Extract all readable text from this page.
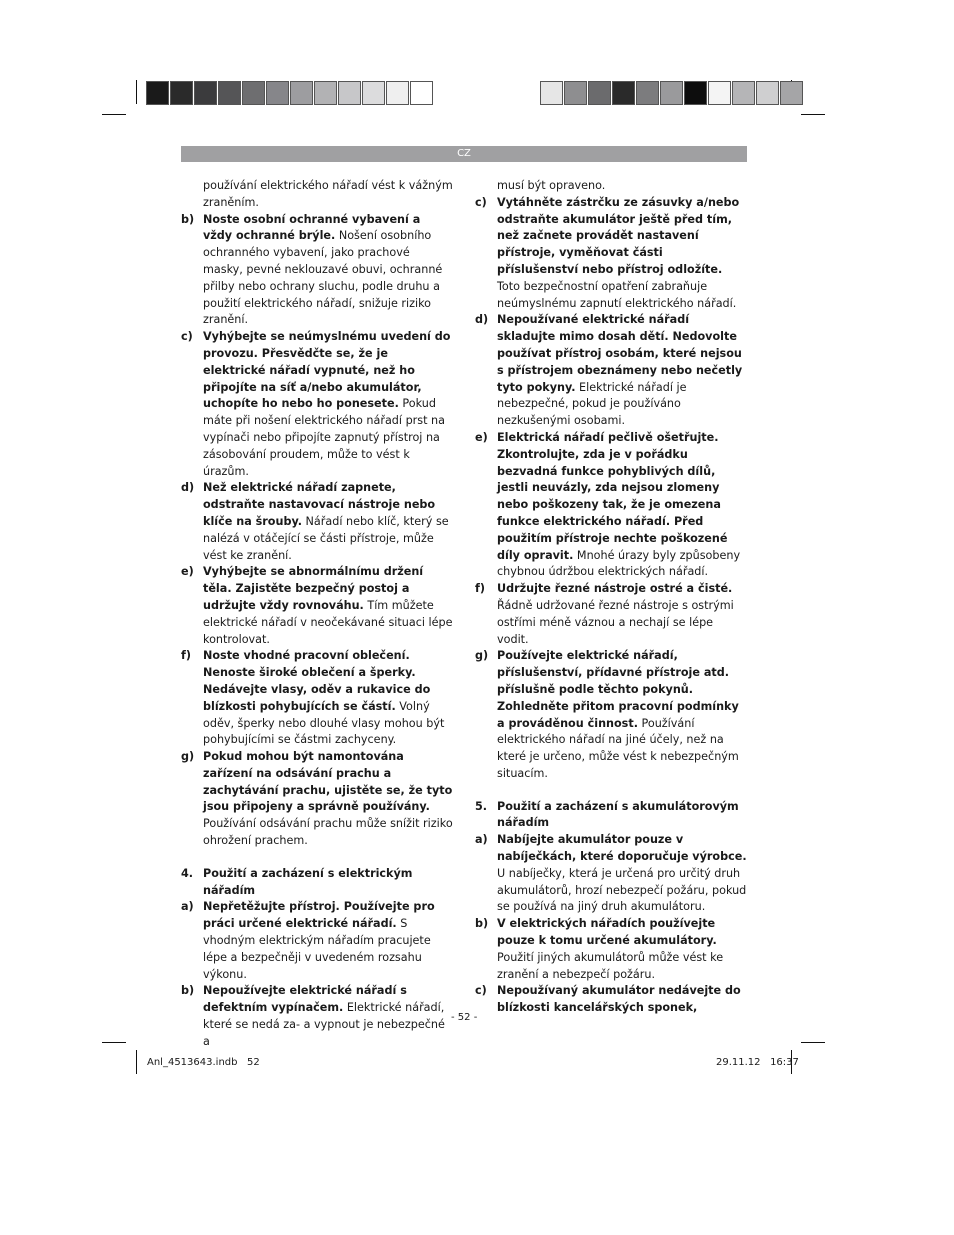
CZ
používání elektrického nářadí vést k vážným zraněním.
b) Noste osobní ochranné vybavení a vždy ochranné brýle. Nošení osobního ochranného vybavení, jako prachové masky, pevné neklouzavé obuvi, ochranné přilby nebo ochrany sluchu, podle druhu a použití elektrického nářadí, snižuje riziko zranění.
c) Vyhýbejte se neúmyslnému uvedení do provozu. Přesvědčte se, že je elektrické nářadí vypnuté, než ho připojíte na síť a/nebo akumulátor, uchopíte ho nebo ho ponesete. Pokud máte při nošení elektrického nářadí prst na vypínači nebo připojíte zapnutý přístroj na zásobování proudem, může to vést k úrazům.
d) Než elektrické nářadí zapnete, odstraňte nastavovací nástroje nebo klíče na šrouby. Nářadí nebo klíč, který se nalézá v otáčející se části přístroje, může vést ke zranění.
e) Vyhýbejte se abnormálnímu držení těla. Zajistěte bezpečný postoj a udržujte vždy rovnováhu. Tím můžete elektrické nářadí v neočekávané situaci lépe kontrolovat.
f) Noste vhodné pracovní oblečení. Nenoste široké oblečení a šperky. Nedávejte vlasy, oděv a rukavice do blízkosti pohybujících se částí. Volný oděv, šperky nebo dlouhé vlasy mohou být pohybujícími se částmi zachyceny.
g) Pokud mohou být namontována zařízení na odsávání prachu a zachytávání prachu, ujistěte se, že tyto jsou připojeny a správně používány. Používání odsávání prachu může snížit riziko ohrožení prachem.
4. Použití a zacházení s elektrickým nářadím
a) Nepřetěžujte přístroj. Používejte pro práci určené elektrické nářadí. S vhodným elektrickým nářadím pracujete lépe a bezpečněji v uvedeném rozsahu výkonu.
b) Nepoužívejte elektrické nářadí s defektním vypínačem. Elektrické nářadí, které se nedá za- a vypnout je nebezpečné a
musí být opraveno.
c) Vytáhněte zástrčku ze zásuvky a/nebo odstraňte akumulátor ještě před tím, než začnete provádět nastavení přístroje, vyměňovat části příslušenství nebo přístroj odložíte. Toto bezpečnostní opatření zabraňuje neúmyslnému zapnutí elektrického nářadí.
d) Nepoužívané elektrické nářadí skladujte mimo dosah dětí. Nedovolte používat přístroj osobám, které nejsou s přístrojem obeznámeny nebo nečetly tyto pokyny. Elektrické nářadí je nebezpečné, pokud je používáno nezkušenými osobami.
e) Elektrická nářadí pečlivě ošetřujte. Zkontrolujte, zda je v pořádku bezvadná funkce pohyblivých dílů, jestli neuvázly, zda nejsou zlomeny nebo poškozeny tak, že je omezena funkce elektrického nářadí. Před použitím přístroje nechte poškozené díly opravit. Mnohé úrazy byly způsobeny chybnou údržbou elektrických nářadí.
f) Udržujte řezné nástroje ostré a čisté. Řádně udržované řezné nástroje s ostrými ostřími méně váznou a nechají se lépe vodit.
g) Používejte elektrické nářadí, příslušenství, přídavné přístroje atd. příslušně podle těchto pokynů. Zohledněte přitom pracovní podmínky a prováděnou činnost. Používání elektrického nářadí na jiné účely, než na které je určeno, může vést k nebezpečným situacím.
5. Použití a zacházení s akumulátorovým nářadím
a) Nabíjejte akumulátor pouze v nabíječkách, které doporučuje výrobce. U nabíječky, která je určená pro určitý druh akumulátorů, hrozí nebezpečí požáru, pokud se používá na jiný druh akumulátoru.
b) V elektrických nářadích používejte pouze k tomu určené akumulátory. Použití jiných akumulátorů může vést ke zranění a nebezpečí požáru.
c) Nepoužívaný akumulátor nedávejte do blízkosti kancelářských sponek,
- 52 -
Anl_4513643.indb   52	29.11.12   16:37
